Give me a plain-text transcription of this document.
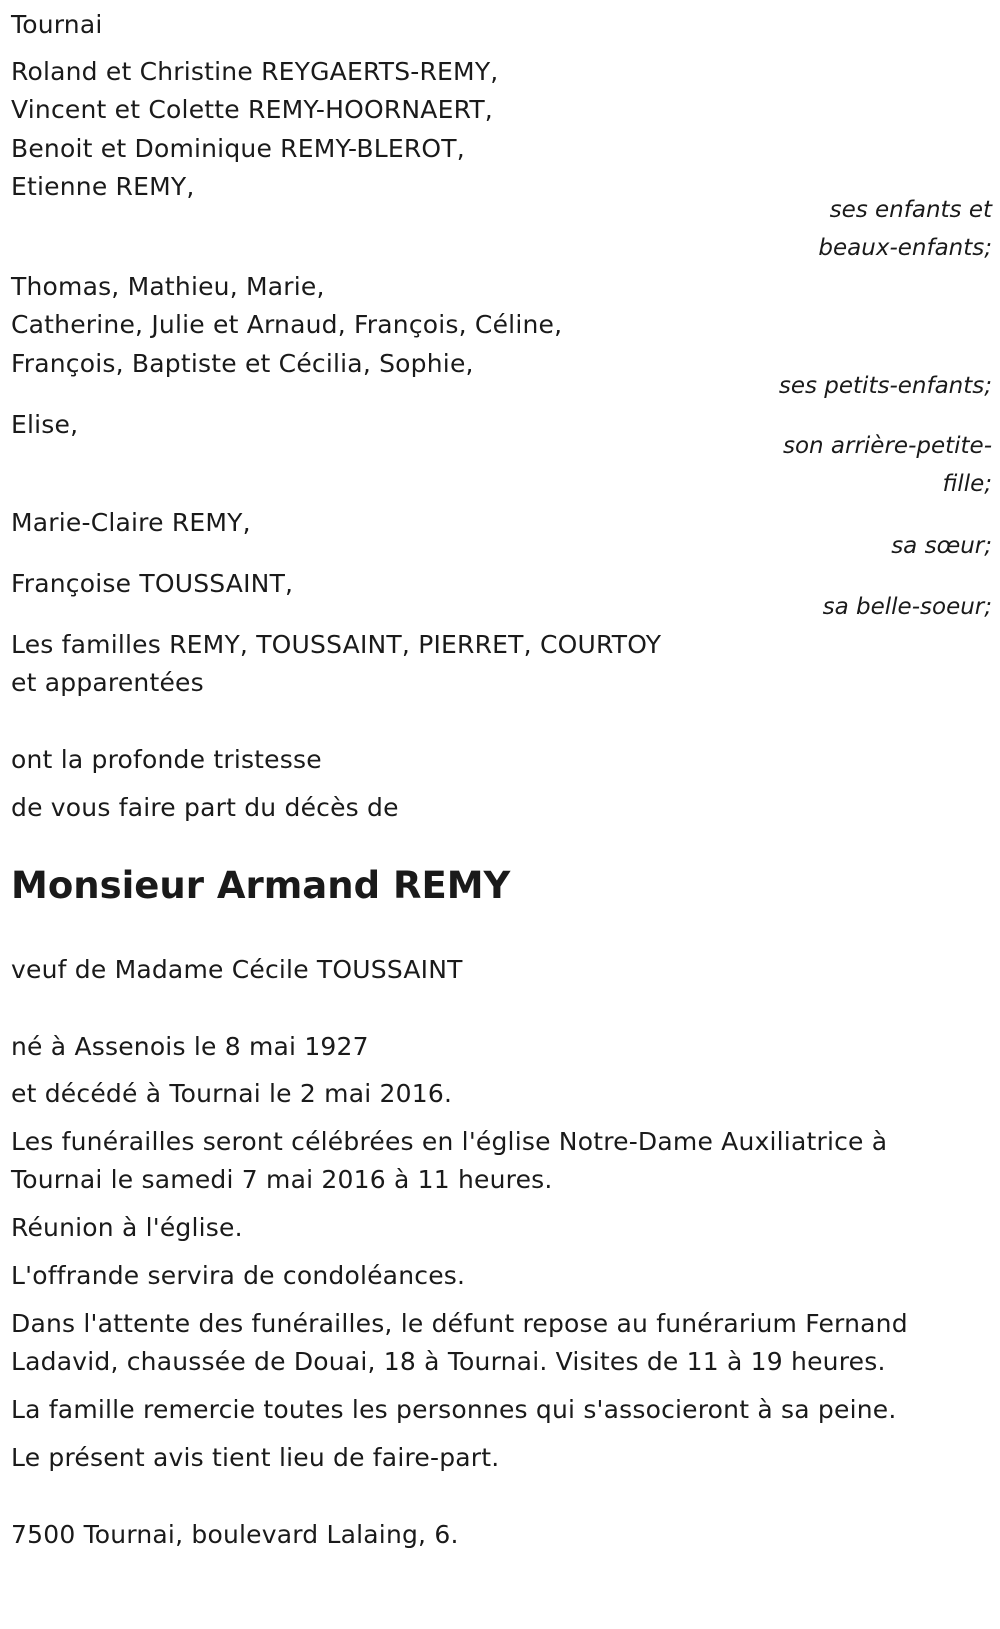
Tournai
Roland et Christine REYGAERTS-REMY,
Vincent et Colette REMY-HOORNAERT,
Benoit et Dominique REMY-BLEROT,
Etienne REMY,
ses enfants et
beaux-enfants;
Thomas, Mathieu, Marie,
Catherine, Julie et Arnaud, François, Céline,
François, Baptiste et Cécilia, Sophie,
ses petits-enfants;
Elise,
son arrière-petite-
fille;
Marie-Claire REMY,
sa sœur;
Françoise TOUSSAINT,
sa belle-soeur;
Les familles REMY, TOUSSAINT, PIERRET, COURTOY
et apparentées
ont la profonde tristesse
de vous faire part du décès de
Monsieur Armand REMY
veuf de Madame Cécile TOUSSAINT
né à Assenois le 8 mai 1927
et décédé à Tournai le 2 mai 2016.
Les funérailles seront célébrées en l'église Notre-Dame Auxiliatrice à
Tournai le samedi 7 mai 2016 à 11 heures.
Réunion à l'église.
L'offrande servira de condoléances.
Dans l'attente des funérailles, le défunt repose au funérarium Fernand
Ladavid, chaussée de Douai, 18 à Tournai. Visites de 11 à 19 heures.
La famille remercie toutes les personnes qui s'associeront à sa peine.
Le présent avis tient lieu de faire-part.
7500 Tournai, boulevard Lalaing, 6.
